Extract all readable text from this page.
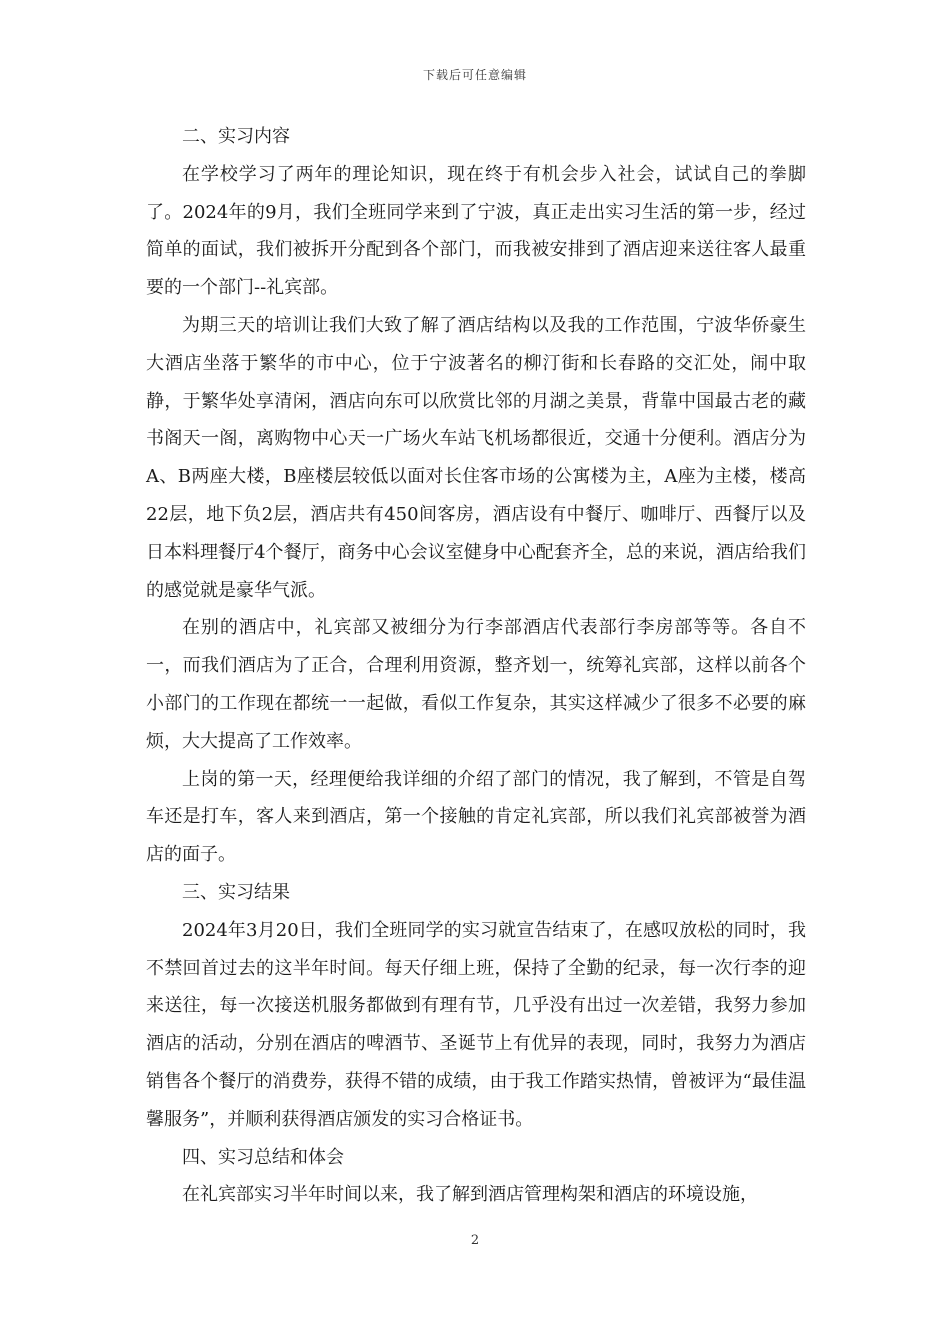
下载后可任意编辑

二、实习内容

在学校学习了两年的理论知识，现在终于有机会步入社会，试试自己的拳脚了。2024年的9月，我们全班同学来到了宁波，真正走出实习生活的第一步，经过简单的面试，我们被拆开分配到各个部门，而我被安排到了酒店迎来送往客人最重要的一个部门--礼宾部。

为期三天的培训让我们大致了解了酒店结构以及我的工作范围，宁波华侨豪生大酒店坐落于繁华的市中心，位于宁波著名的柳汀街和长春路的交汇处，闹中取静，于繁华处享清闲，酒店向东可以欣赏比邻的月湖之美景，背靠中国最古老的藏书阁天一阁，离购物中心天一广场火车站飞机场都很近，交通十分便利。酒店分为A、B两座大楼，B座楼层较低以面对长住客市场的公寓楼为主，A座为主楼，楼高22层，地下负2层，酒店共有450间客房，酒店设有中餐厅、咖啡厅、西餐厅以及日本料理餐厅4个餐厅，商务中心会议室健身中心配套齐全，总的来说，酒店给我们的感觉就是豪华气派。

在别的酒店中，礼宾部又被细分为行李部酒店代表部行李房部等等。各自不一，而我们酒店为了正合，合理利用资源，整齐划一，统筹礼宾部，这样以前各个小部门的工作现在都统一一起做，看似工作复杂，其实这样减少了很多不必要的麻烦，大大提高了工作效率。

上岗的第一天，经理便给我详细的介绍了部门的情况，我了解到，不管是自驾车还是打车，客人来到酒店，第一个接触的肯定礼宾部，所以我们礼宾部被誉为酒店的面子。

三、实习结果

2024年3月20日，我们全班同学的实习就宣告结束了，在感叹放松的同时，我不禁回首过去的这半年时间。每天仔细上班，保持了全勤的纪录，每一次行李的迎来送往，每一次接送机服务都做到有理有节，几乎没有出过一次差错，我努力参加酒店的活动，分别在酒店的啤酒节、圣诞节上有优异的表现，同时，我努力为酒店销售各个餐厅的消费券，获得不错的成绩，由于我工作踏实热情，曾被评为“最佳温馨服务”，并顺利获得酒店颁发的实习合格证书。

四、实习总结和体会

在礼宾部实习半年时间以来，我了解到酒店管理构架和酒店的环境设施，

2
